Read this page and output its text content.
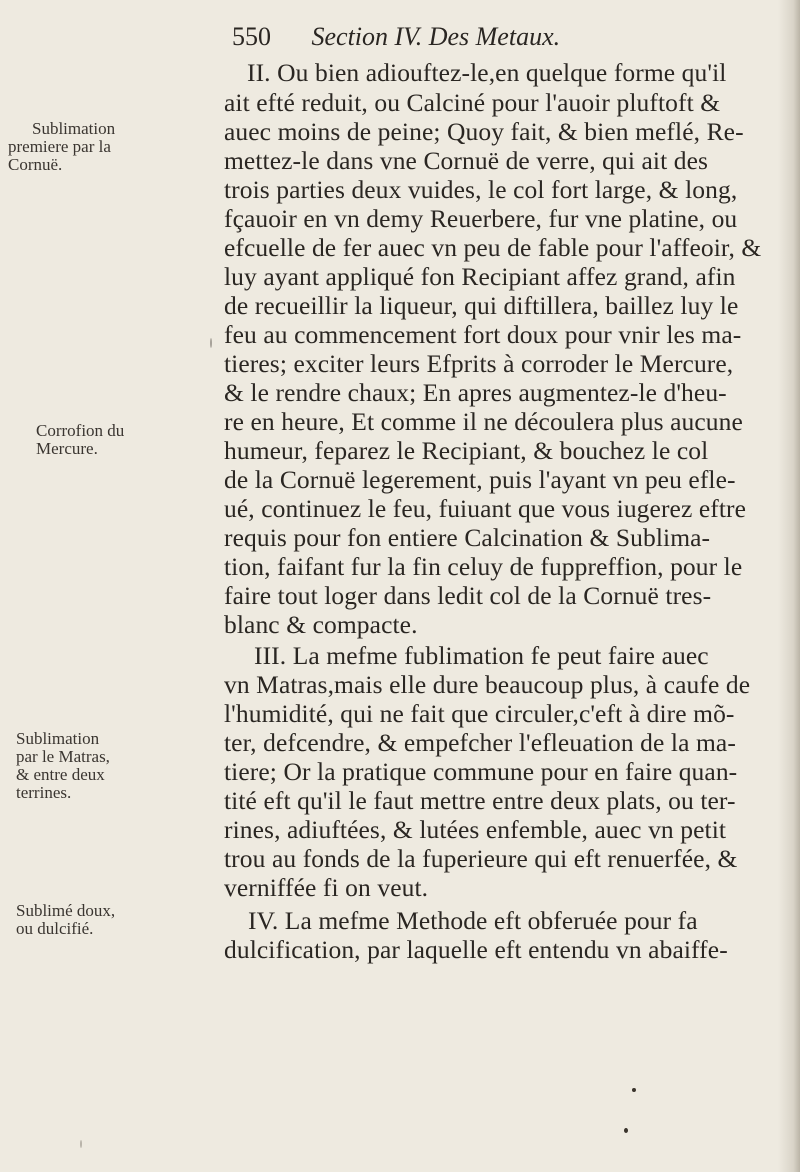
550 Section IV. Des Metaux.
II. Ou bien adiouftez-le,en quelque forme qu'il
ait efté reduit, ou Calciné pour l'auoir pluftoft &
auec moins de peine; Quoy fait, & bien meflé, Re-
mettez-le dans vne Cornuë de verre, qui ait des
trois parties deux vuides, le col fort large, & long,
fçauoir en vn demy Reuerbere, fur vne platine, ou
efcuelle de fer auec vn peu de fable pour l'affeoir, &
luy ayant appliqué fon Recipiant affez grand, afin
de recueillir la liqueur, qui diftillera, baillez luy le
feu au commencement fort doux pour vnir les ma-
tieres; exciter leurs Efprits à corroder le Mercure,
& le rendre chaux; En apres augmentez-le d'heu-
re en heure, Et comme il ne découlera plus aucune
humeur, feparez le Recipiant, & bouchez le col
de la Cornuë legerement, puis l'ayant vn peu efle-
ué, continuez le feu, fuiuant que vous iugerez eftre
requis pour fon entiere Calcination & Sublima-
tion, faifant fur la fin celuy de fuppreffion, pour le
faire tout loger dans ledit col de la Cornuë tres-
blanc & compacte.
III. La mefme fublimation fe peut faire auec
vn Matras,mais elle dure beaucoup plus, à caufe de
l'humidité, qui ne fait que circuler,c'eft à dire mõ-
ter, defcendre, & empefcher l'efleuation de la ma-
tiere; Or la pratique commune pour en faire quan-
tité eft qu'il le faut mettre entre deux plats, ou ter-
rines, adiuftées, & lutées enfemble, auec vn petit
trou au fonds de la fuperieure qui eft renuerfée, &
verniffée fi on veut.
IV. La mefme Methode eft obferuée pour fa
dulcification, par laquelle eft entendu vn abaiffe-
Sublimation
premiere par la
Cornuë.
Corrofion du
Mercure.
Sublimation
par le Matras,
& entre deux
terrines.
Sublimé doux,
ou dulcifié.
